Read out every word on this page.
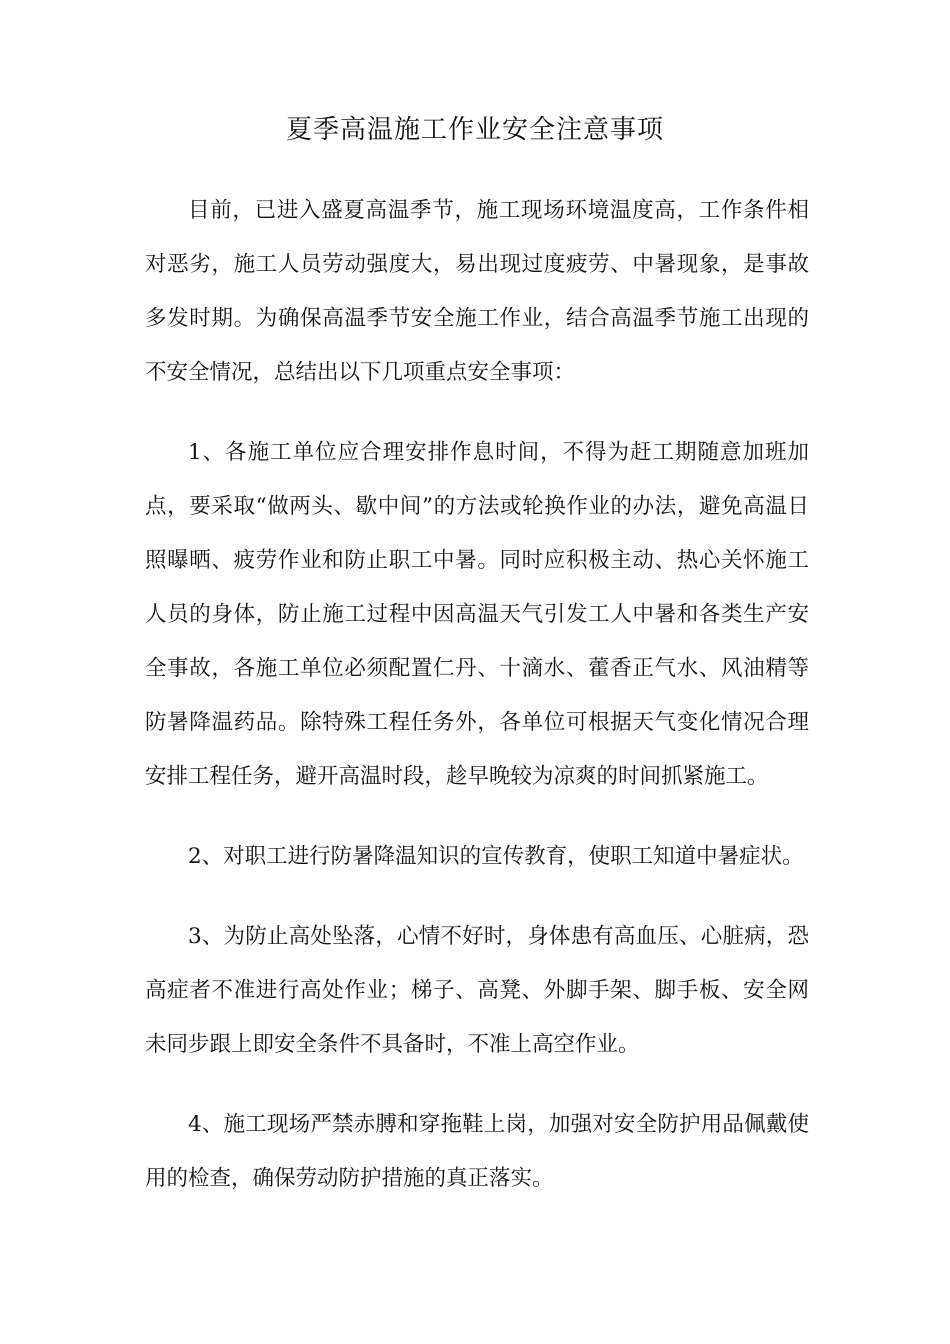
夏季高温施工作业安全注意事项

目前，已进入盛夏高温季节，施工现场环境温度高，工作条件相对恶劣，施工人员劳动强度大，易出现过度疲劳、中暑现象，是事故多发时期。为确保高温季节安全施工作业，结合高温季节施工出现的不安全情况，总结出以下几项重点安全事项：

1、各施工单位应合理安排作息时间，不得为赶工期随意加班加点，要采取“做两头、歇中间”的方法或轮换作业的办法，避免高温日照曝晒、疲劳作业和防止职工中暑。同时应积极主动、热心关怀施工人员的身体，防止施工过程中因高温天气引发工人中暑和各类生产安全事故，各施工单位必须配置仁丹、十滴水、藿香正气水、风油精等防暑降温药品。除特殊工程任务外，各单位可根据天气变化情况合理安排工程任务，避开高温时段，趁早晚较为凉爽的时间抓紧施工。

2、对职工进行防暑降温知识的宣传教育，使职工知道中暑症状。

3、为防止高处坠落，心情不好时，身体患有高血压、心脏病，恐高症者不准进行高处作业；梯子、高凳、外脚手架、脚手板、安全网未同步跟上即安全条件不具备时，不准上高空作业。

4、施工现场严禁赤膊和穿拖鞋上岗，加强对安全防护用品佩戴使用的检查，确保劳动防护措施的真正落实。
